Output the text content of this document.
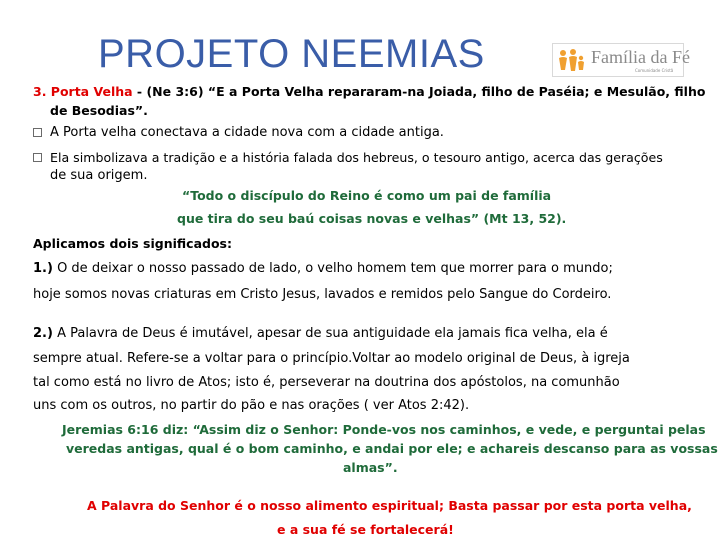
PROJETO NEEMIAS	Família da Fé
Comunidade Cristã
3. Porta Velha - (Ne 3:6) “E a Porta Velha repararam-na Joiada, filho de Paséia; e Mesulão, filho
de Besodias”.
A Porta velha conectava a cidade nova com a cidade antiga.
Ela simbolizava a tradição e a história falada dos hebreus, o tesouro antigo, acerca das gerações
de sua origem.
“Todo o discípulo do Reino é como um pai de família
que tira do seu baú coisas novas e velhas” (Mt 13, 52).
Aplicamos dois significados:
1.) O de deixar o nosso passado de lado, o velho homem tem que morrer para o mundo;
hoje somos novas criaturas em Cristo Jesus, lavados e remidos pelo Sangue do Cordeiro.
2.) A Palavra de Deus é imutável, apesar de sua antiguidade ela jamais fica velha, ela é
sempre atual. Refere-se a voltar para o princípio.Voltar ao modelo original de Deus, à igreja
tal como está no livro de Atos; isto é, perseverar na doutrina dos apóstolos, na comunhão
uns com os outros, no partir do pão e nas orações ( ver Atos 2:42).
Jeremias 6:16 diz: “Assim diz o Senhor: Ponde-vos nos caminhos, e vede, e perguntai pelas
veredas antigas, qual é o bom caminho, e andai por ele; e achareis descanso para as vossas
almas”.
A Palavra do Senhor é o nosso alimento espiritual; Basta passar por esta porta velha,
e a sua fé se fortalecerá!
